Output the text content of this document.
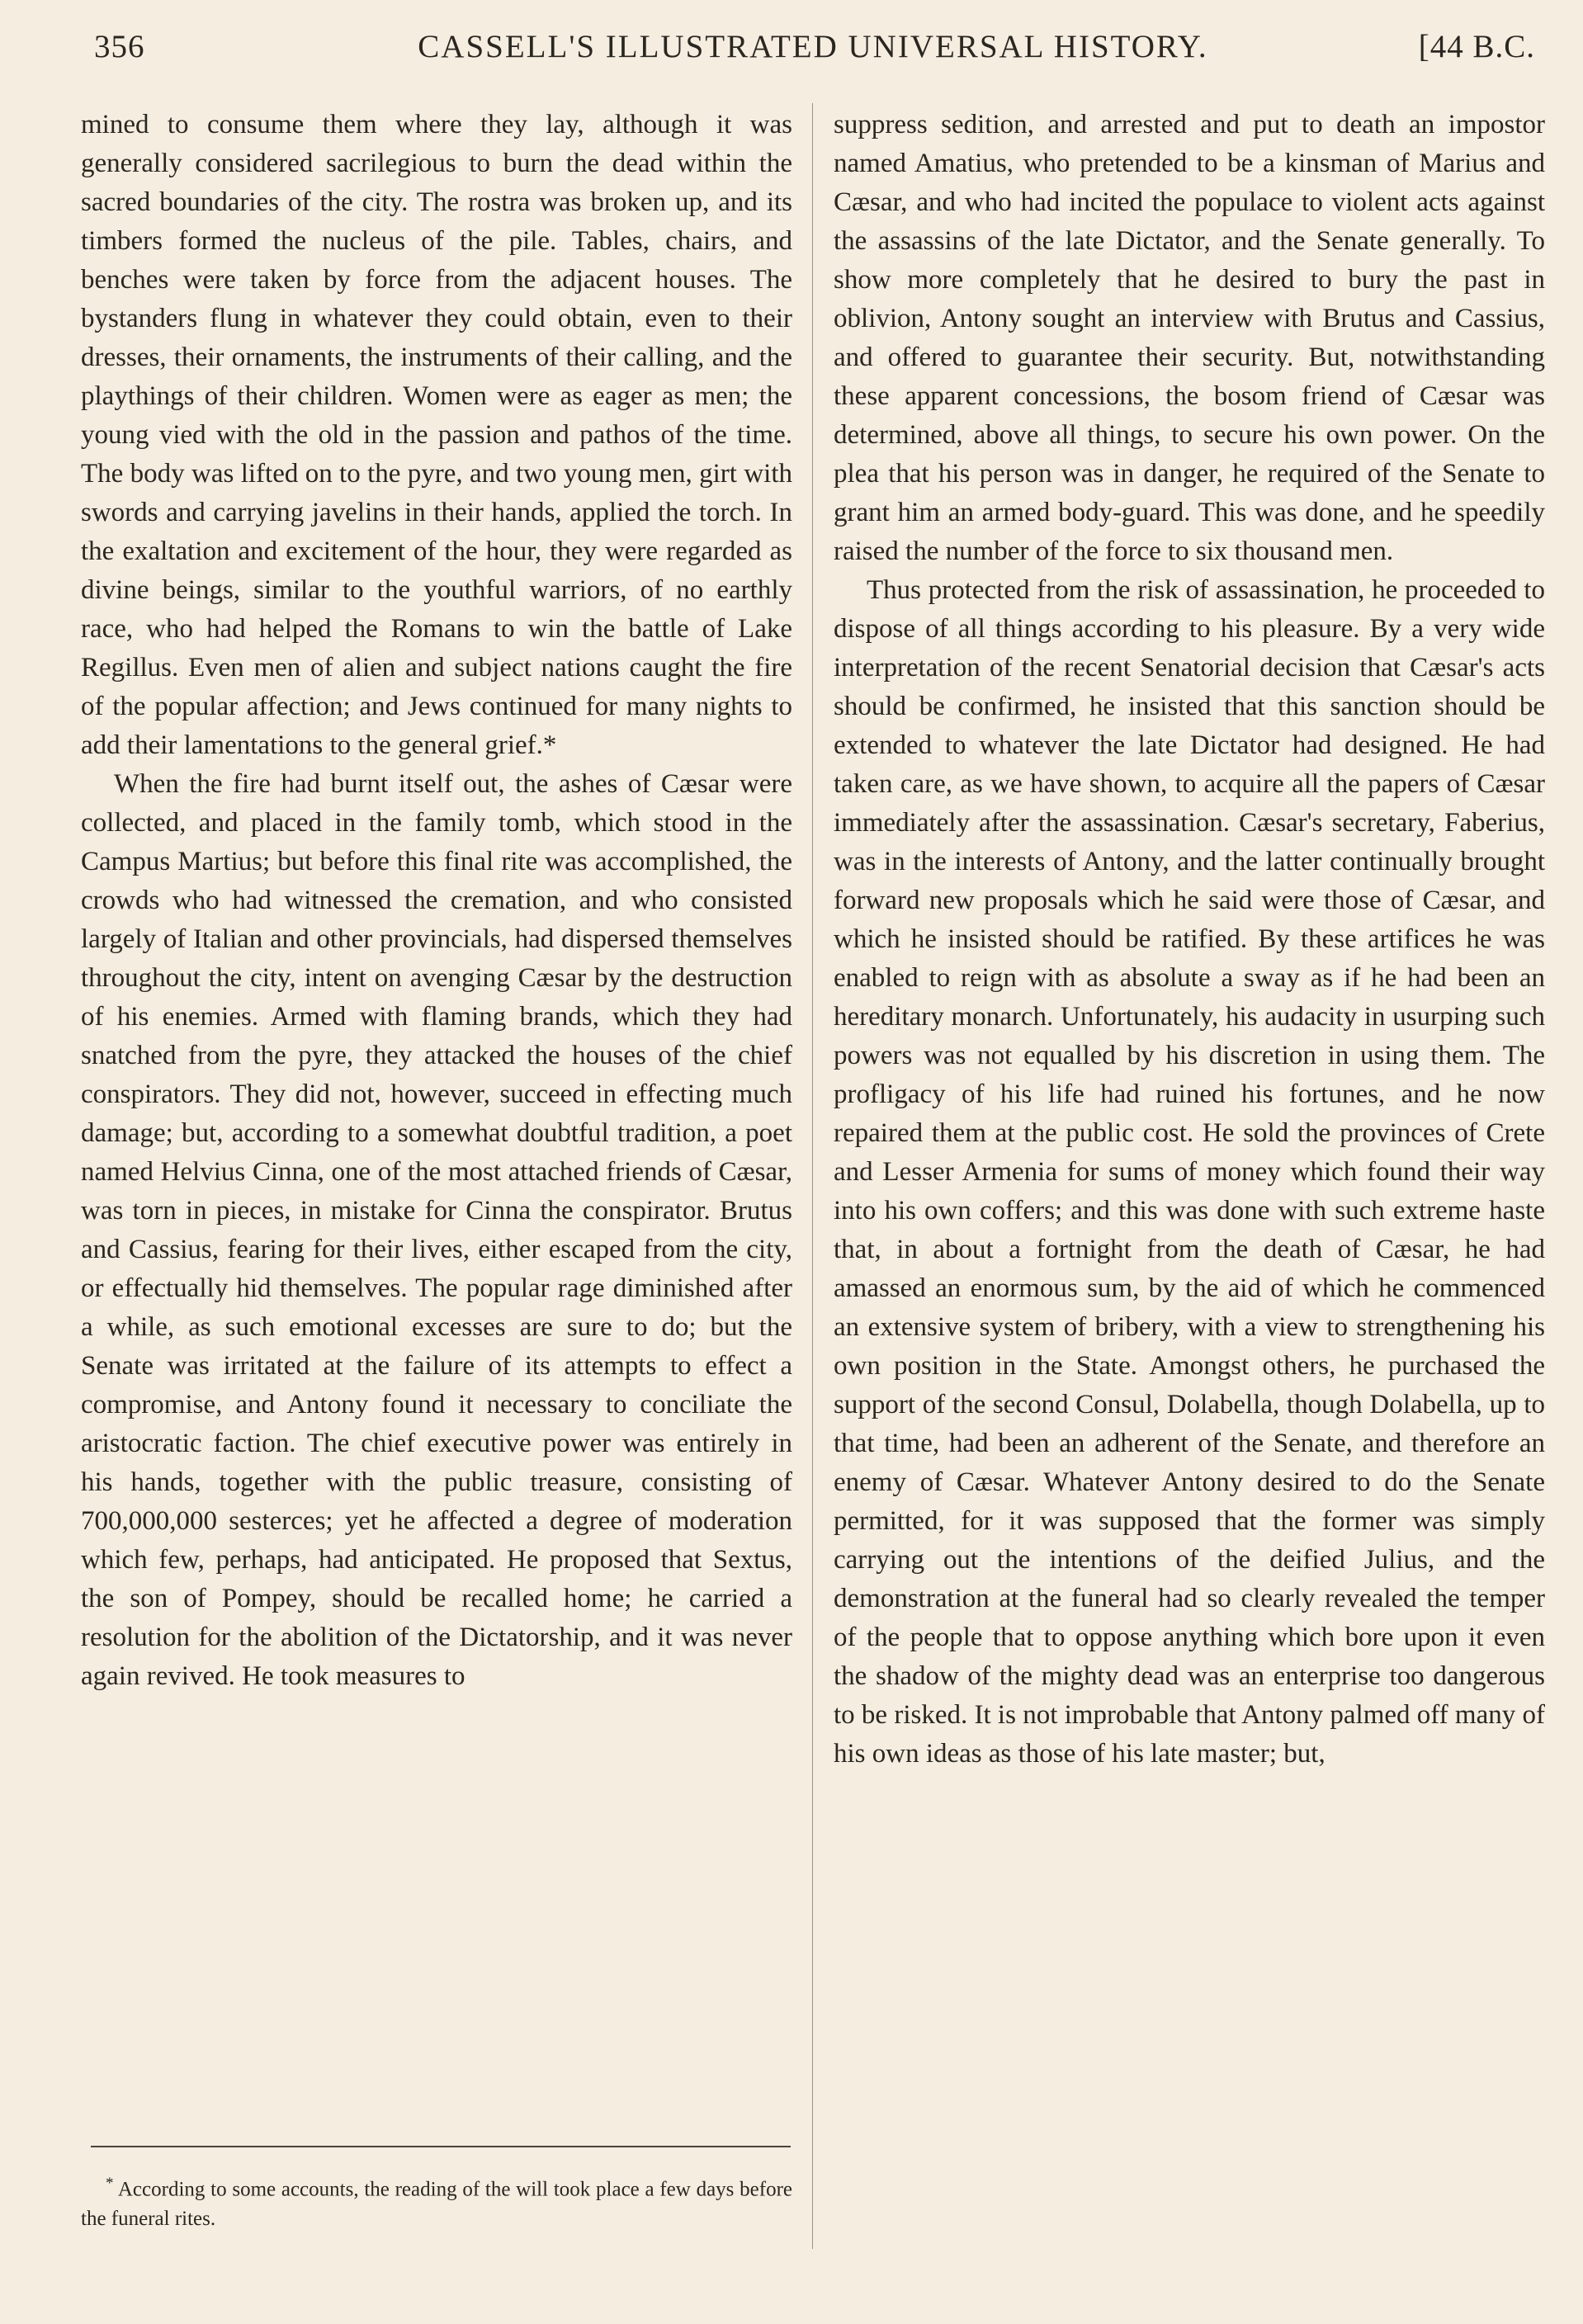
356	CASSELL'S ILLUSTRATED UNIVERSAL HISTORY.	[44 B.C.

mined to consume them where they lay, although it was generally considered sacrilegious to burn the dead within the sacred boundaries of the city. The rostra was broken up, and its timbers formed the nucleus of the pile. Tables, chairs, and benches were taken by force from the adjacent houses. The bystanders flung in whatever they could obtain, even to their dresses, their ornaments, the instruments of their calling, and the playthings of their children. Women were as eager as men; the young vied with the old in the passion and pathos of the time. The body was lifted on to the pyre, and two young men, girt with swords and carrying javelins in their hands, applied the torch. In the exaltation and excitement of the hour, they were regarded as divine beings, similar to the youthful warriors, of no earthly race, who had helped the Romans to win the battle of Lake Regillus. Even men of alien and subject nations caught the fire of the popular affection; and Jews continued for many nights to add their lamentations to the general grief.*

When the fire had burnt itself out, the ashes of Cæsar were collected, and placed in the family tomb, which stood in the Campus Martius; but before this final rite was accomplished, the crowds who had witnessed the cremation, and who consisted largely of Italian and other provincials, had dispersed themselves throughout the city, intent on avenging Cæsar by the destruction of his enemies. Armed with flaming brands, which they had snatched from the pyre, they attacked the houses of the chief conspirators. They did not, however, succeed in effecting much damage; but, according to a somewhat doubtful tradition, a poet named Helvius Cinna, one of the most attached friends of Cæsar, was torn in pieces, in mistake for Cinna the conspirator. Brutus and Cassius, fearing for their lives, either escaped from the city, or effectually hid themselves. The popular rage diminished after a while, as such emotional excesses are sure to do; but the Senate was irritated at the failure of its attempts to effect a compromise, and Antony found it necessary to conciliate the aristocratic faction. The chief executive power was entirely in his hands, together with the public treasure, consisting of 700,000,000 sesterces; yet he affected a degree of moderation which few, perhaps, had anticipated. He proposed that Sextus, the son of Pompey, should be recalled home; he carried a resolution for the abolition of the Dictatorship, and it was never again revived. He took measures to

suppress sedition, and arrested and put to death an impostor named Amatius, who pretended to be a kinsman of Marius and Cæsar, and who had incited the populace to violent acts against the assassins of the late Dictator, and the Senate generally. To show more completely that he desired to bury the past in oblivion, Antony sought an interview with Brutus and Cassius, and offered to guarantee their security. But, notwithstanding these apparent concessions, the bosom friend of Cæsar was determined, above all things, to secure his own power. On the plea that his person was in danger, he required of the Senate to grant him an armed body-guard. This was done, and he speedily raised the number of the force to six thousand men.

Thus protected from the risk of assassination, he proceeded to dispose of all things according to his pleasure. By a very wide interpretation of the recent Senatorial decision that Cæsar's acts should be confirmed, he insisted that this sanction should be extended to whatever the late Dictator had designed. He had taken care, as we have shown, to acquire all the papers of Cæsar immediately after the assassination. Cæsar's secretary, Faberius, was in the interests of Antony, and the latter continually brought forward new proposals which he said were those of Cæsar, and which he insisted should be ratified. By these artifices he was enabled to reign with as absolute a sway as if he had been an hereditary monarch. Unfortunately, his audacity in usurping such powers was not equalled by his discretion in using them. The profligacy of his life had ruined his fortunes, and he now repaired them at the public cost. He sold the provinces of Crete and Lesser Armenia for sums of money which found their way into his own coffers; and this was done with such extreme haste that, in about a fortnight from the death of Cæsar, he had amassed an enormous sum, by the aid of which he commenced an extensive system of bribery, with a view to strengthening his own position in the State. Amongst others, he purchased the support of the second Consul, Dolabella, though Dolabella, up to that time, had been an adherent of the Senate, and therefore an enemy of Cæsar. Whatever Antony desired to do the Senate permitted, for it was supposed that the former was simply carrying out the intentions of the deified Julius, and the demonstration at the funeral had so clearly revealed the temper of the people that to oppose anything which bore upon it even the shadow of the mighty dead was an enterprise too dangerous to be risked. It is not improbable that Antony palmed off many of his own ideas as those of his late master; but,

* According to some accounts, the reading of the will took place a few days before the funeral rites.
